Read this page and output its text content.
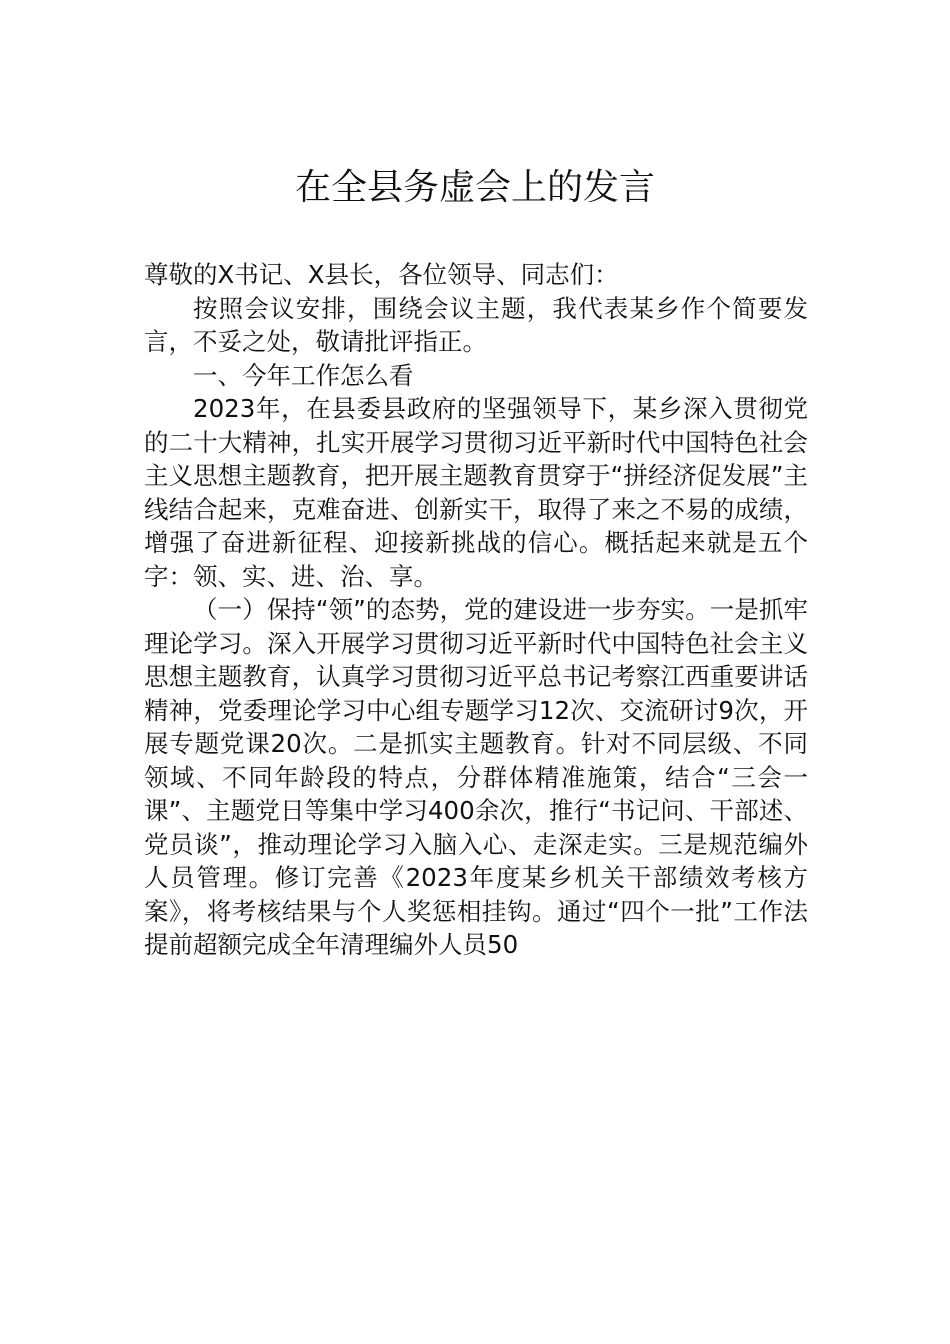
在全县务虚会上的发言

尊敬的X书记、X县长，各位领导、同志们：

按照会议安排，围绕会议主题，我代表某乡作个简要发言，不妥之处，敬请批评指正。

一、今年工作怎么看

2023年，在县委县政府的坚强领导下，某乡深入贯彻党的二十大精神，扎实开展学习贯彻习近平新时代中国特色社会主义思想主题教育，把开展主题教育贯穿于“拼经济促发展”主线结合起来，克难奋进、创新实干，取得了来之不易的成绩，增强了奋进新征程、迎接新挑战的信心。概括起来就是五个字：领、实、进、治、享。

（一）保持“领”的态势，党的建设进一步夯实。一是抓牢理论学习。深入开展学习贯彻习近平新时代中国特色社会主义思想主题教育，认真学习贯彻习近平总书记考察江西重要讲话精神，党委理论学习中心组专题学习12次、交流研讨9次，开展专题党课20次。二是抓实主题教育。针对不同层级、不同领域、不同年龄段的特点，分群体精准施策，结合“三会一课”、主题党日等集中学习400余次，推行“书记问、干部述、党员谈”，推动理论学习入脑入心、走深走实。三是规范编外人员管理。修订完善《2023年度某乡机关干部绩效考核方案》，将考核结果与个人奖惩相挂钩。通过“四个一批”工作法提前超额完成全年清理编外人员50
